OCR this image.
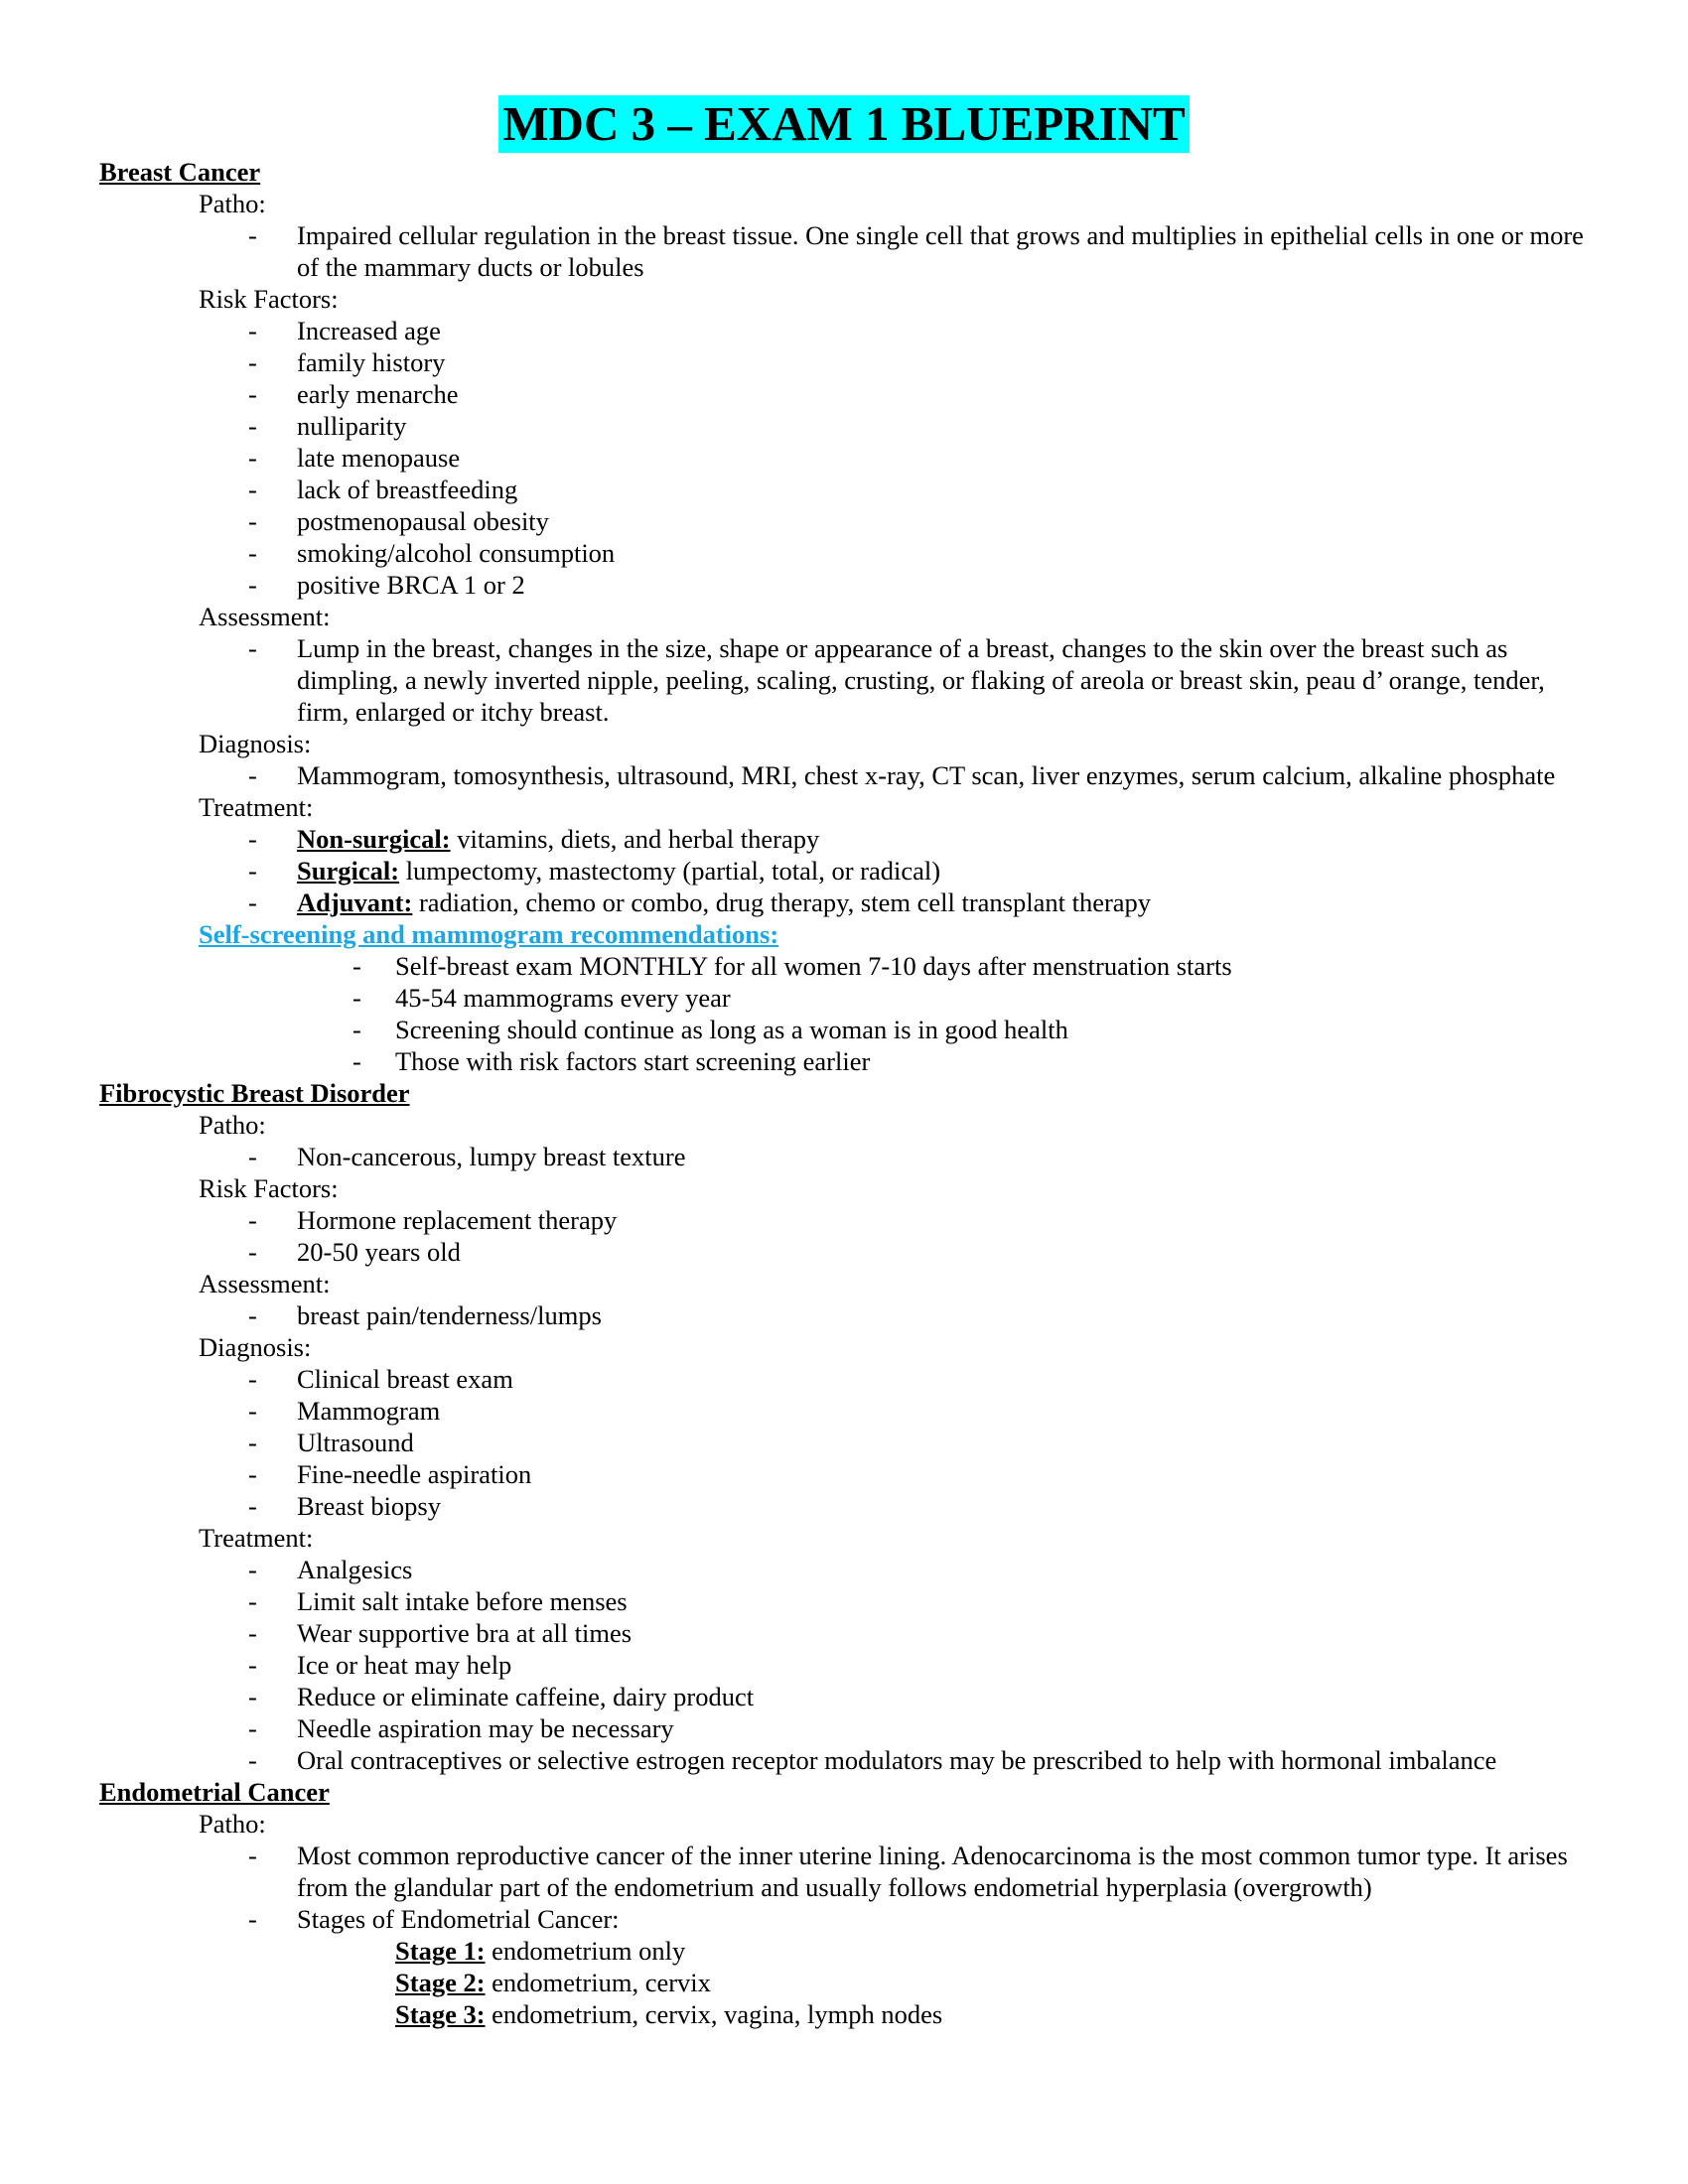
MDC 3 – EXAM 1 BLUEPRINT
Breast Cancer
Patho:
- Impaired cellular regulation in the breast tissue. One single cell that grows and multiplies in epithelial cells in one or more of the mammary ducts or lobules
Risk Factors:
- Increased age
- family history
- early menarche
- nulliparity
- late menopause
- lack of breastfeeding
- postmenopausal obesity
- smoking/alcohol consumption
- positive BRCA 1 or 2
Assessment:
- Lump in the breast, changes in the size, shape or appearance of a breast, changes to the skin over the breast such as dimpling, a newly inverted nipple, peeling, scaling, crusting, or flaking of areola or breast skin, peau d’ orange, tender, firm, enlarged or itchy breast.
Diagnosis:
- Mammogram, tomosynthesis, ultrasound, MRI, chest x-ray, CT scan, liver enzymes, serum calcium, alkaline phosphate
Treatment:
- Non-surgical: vitamins, diets, and herbal therapy
- Surgical: lumpectomy, mastectomy (partial, total, or radical)
- Adjuvant: radiation, chemo or combo, drug therapy, stem cell transplant therapy
Self-screening and mammogram recommendations:
- Self-breast exam MONTHLY for all women 7-10 days after menstruation starts
- 45-54 mammograms every year
- Screening should continue as long as a woman is in good health
- Those with risk factors start screening earlier
Fibrocystic Breast Disorder
Patho:
- Non-cancerous, lumpy breast texture
Risk Factors:
- Hormone replacement therapy
- 20-50 years old
Assessment:
- breast pain/tenderness/lumps
Diagnosis:
- Clinical breast exam
- Mammogram
- Ultrasound
- Fine-needle aspiration
- Breast biopsy
Treatment:
- Analgesics
- Limit salt intake before menses
- Wear supportive bra at all times
- Ice or heat may help
- Reduce or eliminate caffeine, dairy product
- Needle aspiration may be necessary
- Oral contraceptives or selective estrogen receptor modulators may be prescribed to help with hormonal imbalance
Endometrial Cancer
Patho:
- Most common reproductive cancer of the inner uterine lining. Adenocarcinoma is the most common tumor type. It arises from the glandular part of the endometrium and usually follows endometrial hyperplasia (overgrowth)
- Stages of Endometrial Cancer:
Stage 1: endometrium only
Stage 2: endometrium, cervix
Stage 3: endometrium, cervix, vagina, lymph nodes
